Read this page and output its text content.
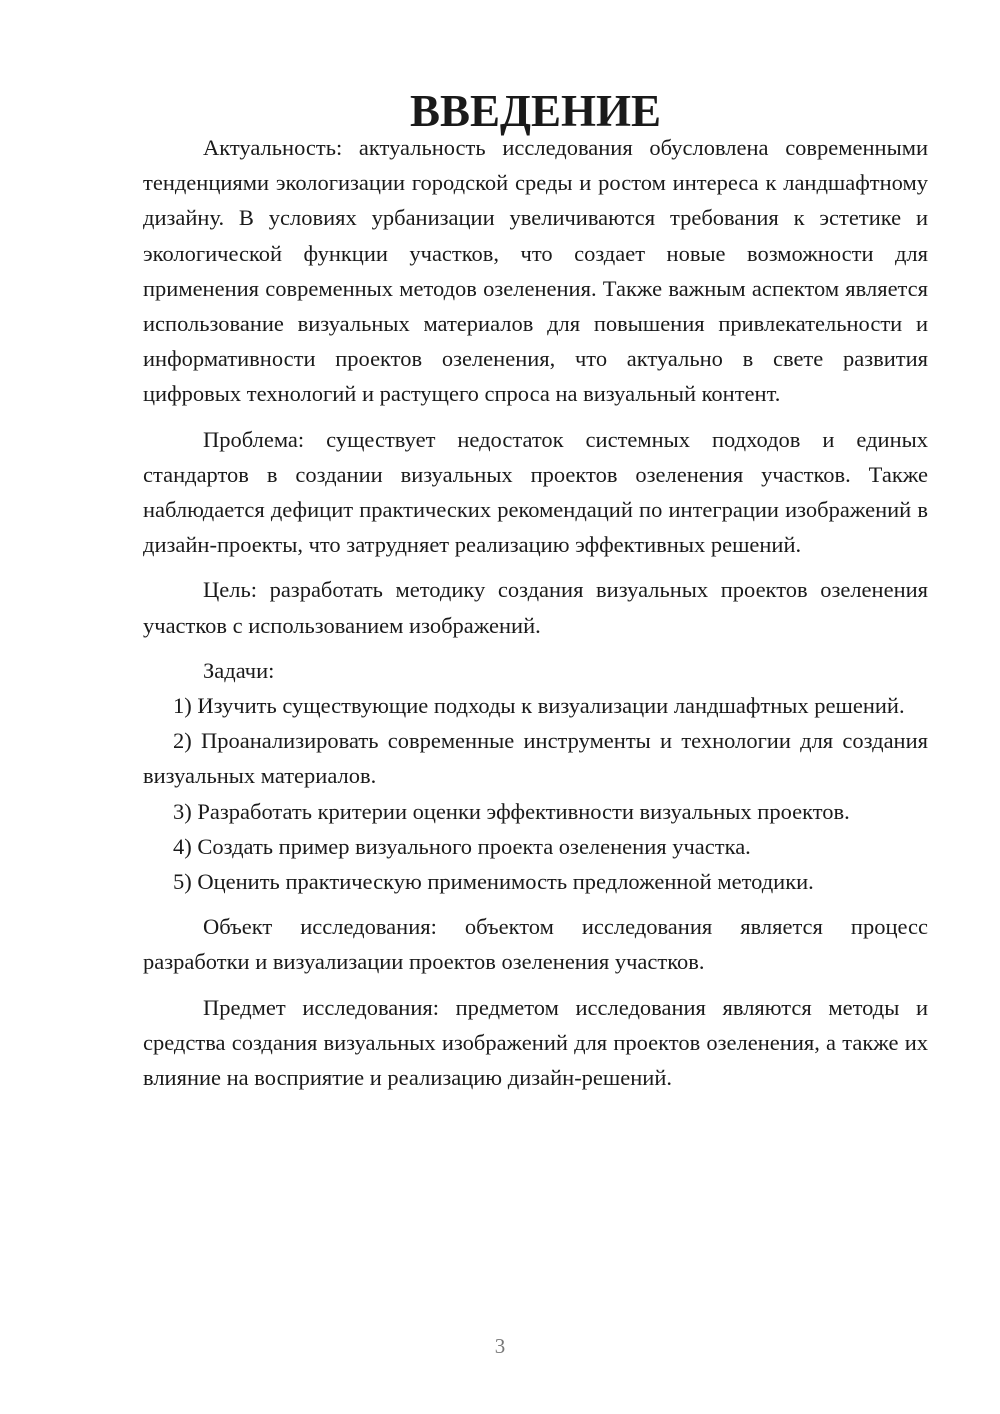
ВВЕДЕНИЕ

Актуальность: актуальность исследования обусловлена современными тенденциями экологизации городской среды и ростом интереса к ландшафтному дизайну. В условиях урбанизации увеличиваются требования к эстетике и экологической функции участков, что создает новые возможности для применения современных методов озеленения. Также важным аспектом является использование визуальных материалов для повышения привлекательности и информативности проектов озеленения, что актуально в свете развития цифровых технологий и растущего спроса на визуальный контент.

Проблема: существует недостаток системных подходов и единых стандартов в создании визуальных проектов озеленения участков. Также наблюдается дефицит практических рекомендаций по интеграции изображений в дизайн-проекты, что затрудняет реализацию эффективных решений.

Цель: разработать методику создания визуальных проектов озеленения участков с использованием изображений.

Задачи:

1) Изучить существующие подходы к визуализации ландшафтных решений.

2) Проанализировать современные инструменты и технологии для создания визуальных материалов.

3) Разработать критерии оценки эффективности визуальных проектов.

4) Создать пример визуального проекта озеленения участка.

5) Оценить практическую применимость предложенной методики.

Объект исследования: объектом исследования является процесс разработки и визуализации проектов озеленения участков.

Предмет исследования: предметом исследования являются методы и средства создания визуальных изображений для проектов озеленения, а также их влияние на восприятие и реализацию дизайн-решений.

3
